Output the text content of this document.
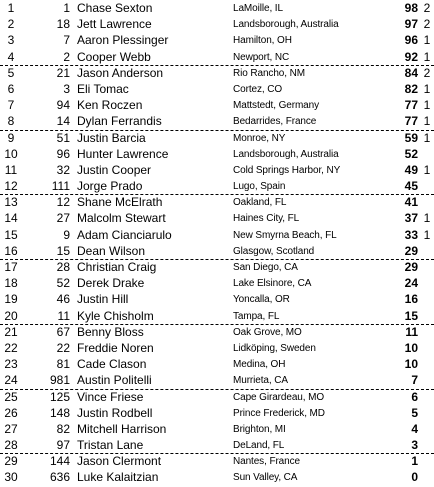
1	1 Chase Sexton	LaMoille, IL	98 2
2	18 Jett Lawrence	Landsborough, Australia	97 2
3	7 Aaron Plessinger	Hamilton, OH	96 1
4	2 Cooper Webb	Newport, NC	92 1
5	21 Jason Anderson	Rio Rancho, NM	84 2
6	3 Eli Tomac	Cortez, CO	82 1
7	94 Ken Roczen	Mattstedt, Germany	77 1
8	14 Dylan Ferrandis	Bedarrides, France	77 1
9	51 Justin Barcia	Monroe, NY	59 1
10	96 Hunter Lawrence	Landsborough, Australia	52
11	32 Justin Cooper	Cold Springs Harbor, NY	49 1
12	111 Jorge Prado	Lugo, Spain	45
13	12 Shane McElrath	Oakland, FL	41
14	27 Malcolm Stewart	Haines City, FL	37 1
15	9 Adam Cianciarulo	New Smyrna Beach, FL	33 1
16	15 Dean Wilson	Glasgow, Scotland	29
17	28 Christian Craig	San Diego, CA	29
18	52 Derek Drake	Lake Elsinore, CA	24
19	46 Justin Hill	Yoncalla, OR	16
20	11 Kyle Chisholm	Tampa, FL	15
21	67 Benny Bloss	Oak Grove, MO	11
22	22 Freddie Noren	Lidköping, Sweden	10
23	81 Cade Clason	Medina, OH	10
24	981 Austin Politelli	Murrieta, CA	7
25	125 Vince Friese	Cape Girardeau, MO	6
26	148 Justin Rodbell	Prince Frederick, MD	5
27	82 Mitchell Harrison	Brighton, MI	4
28	97 Tristan Lane	DeLand, FL	3
29	144 Jason Clermont	Nantes, France	1
30	636 Luke Kalaitzian	Sun Valley, CA	0
